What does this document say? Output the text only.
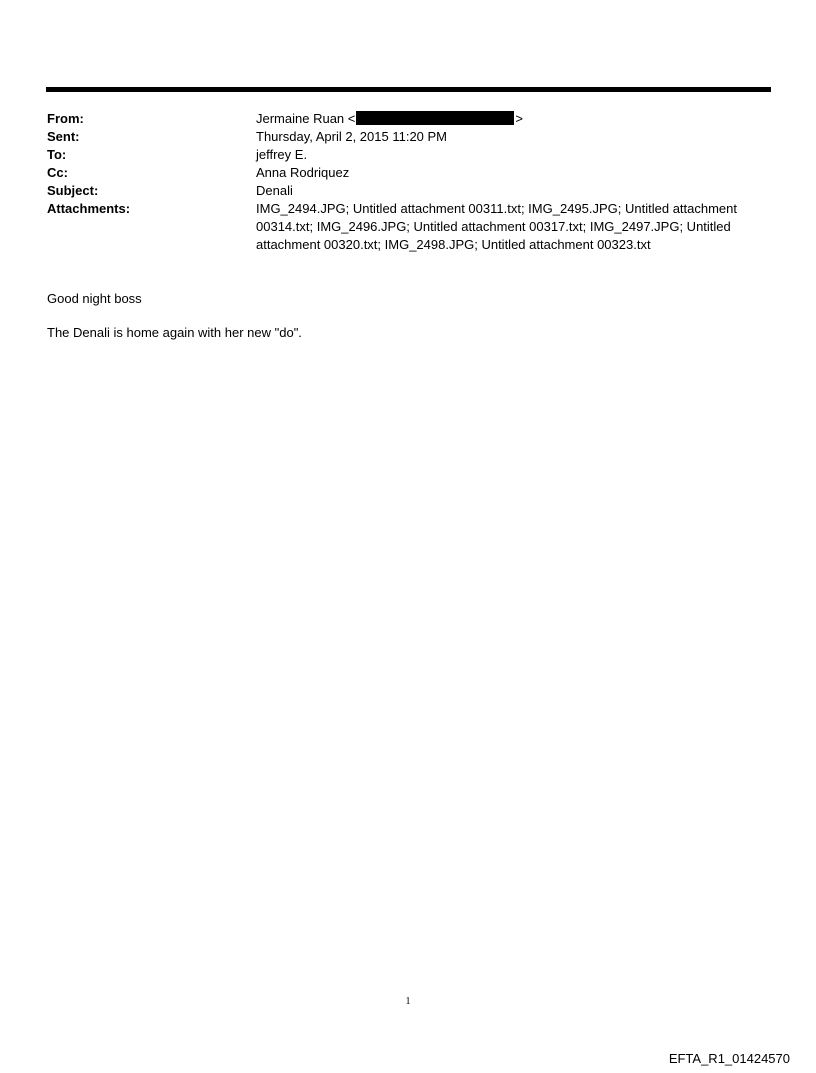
From:	Jermaine Ruan <	>
Sent:	Thursday, April 2, 2015 11:20 PM
To:	jeffrey E.
Cc:	Anna Rodriquez
Subject:	Denali
Attachments:	IMG_2494.JPG; Untitled attachment 00311.txt; IMG_2495.JPG; Untitled attachment 00314.txt; IMG_2496.JPG; Untitled attachment 00317.txt; IMG_2497.JPG; Untitled attachment 00320.txt; IMG_2498.JPG; Untitled attachment 00323.txt

Good night boss

The Denali is home again with her new "do".

1
EFTA_R1_01424570
